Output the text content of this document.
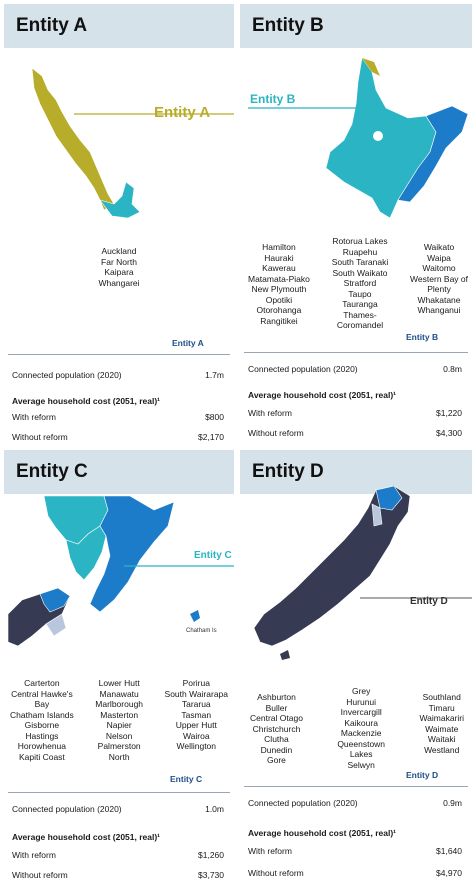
Entity A
Entity A
Auckland
Far North
Kaipara
Whangarei
Entity A
Connected population (2020)	1.7m
Average household cost (2051, real)¹
With reform	$800
Without reform	$2,170
Entity B
Entity B
Hamilton
Hauraki
Kawerau
Matamata-Piako
New Plymouth
Opotiki
Otorohanga
Rangitikei
Rotorua Lakes
Ruapehu
South Taranaki
South Waikato
Stratford
Taupo
Tauranga
Thames-
Coromandel
Waikato
Waipa
Waitomo
Western Bay of
Plenty
Whakatane
Whanganui
Entity B
Connected population (2020)	0.8m
Average household cost (2051, real)¹
With reform	$1,220
Without reform	$4,300
Entity C
Entity C
Chatham Is
Carterton
Central Hawke's
Bay
Chatham Islands
Gisborne
Hastings
Horowhenua
Kapiti Coast
Lower Hutt
Manawatu
Marlborough
Masterton
Napier
Nelson
Palmerston
North
Porirua
South Wairarapa
Tararua
Tasman
Upper Hutt
Wairoa
Wellington
Entity C
Connected population (2020)	1.0m
Average household cost (2051, real)¹
With reform	$1,260
Without reform	$3,730
Entity D
Entity D
Ashburton
Buller
Central Otago
Christchurch
Clutha
Dunedin
Gore
Grey
Hurunui
Invercargill
Kaikoura
Mackenzie
Queenstown
Lakes
Selwyn
Southland
Timaru
Waimakariri
Waimate
Waitaki
Westland
Entity D
Connected population (2020)	0.9m
Average household cost (2051, real)¹
With reform	$1,640
Without reform	$4,970
